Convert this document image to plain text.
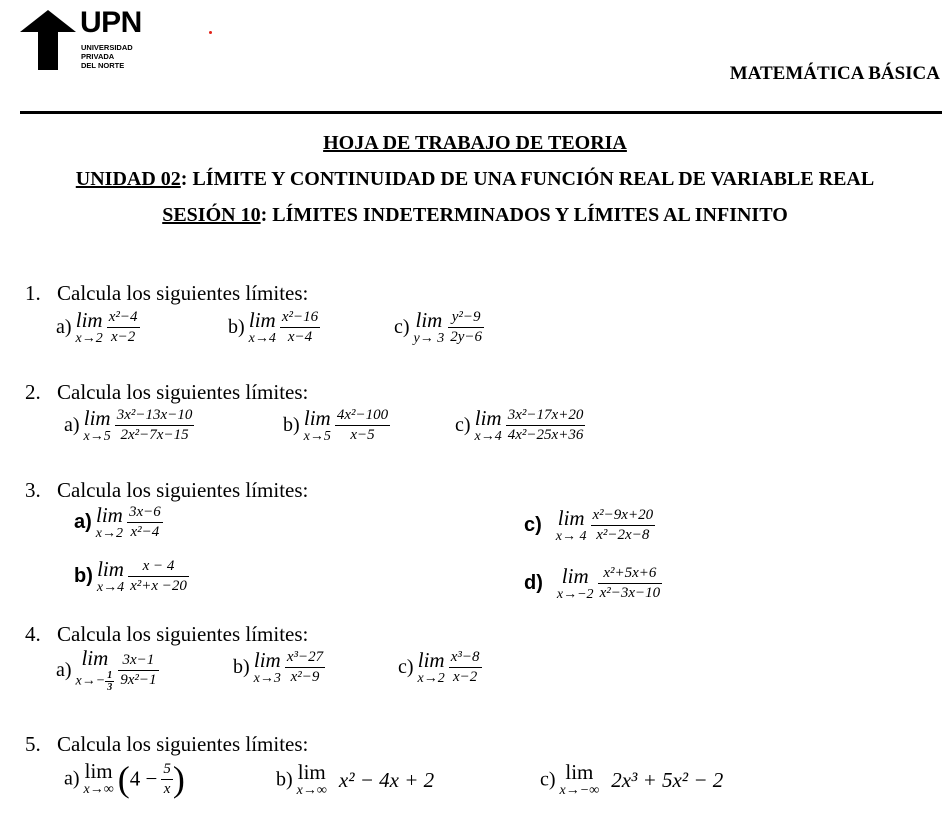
UPN
UNIVERSIDAD
PRIVADA
DEL NORTE	MATEMÁTICA BÁSICA
HOJA DE TRABAJO DE TEORIA
UNIDAD 02: LÍMITE Y CONTINUIDAD DE UNA FUNCIÓN REAL DE VARIABLE REAL
SESIÓN 10: LÍMITES INDETERMINADOS Y LÍMITES AL INFINITO
1. Calcula los siguientes límites:
a) lim
x→2
$\frac{\text{x²−4}}{x-2}$	b) lim
x→4
$\frac{\text{x²−16}}{x-4}$	c) lim
y→ 3
$\frac{\text{y²−9}}{2y-6}$
2. Calcula los siguientes límites:
a) lim
x→5
$\frac{\text{3x²−13x−10}}{\text{2x²−7x−15}}$	b) lim
x→5
$\frac{\text{4x²−100}}{x-5}$	c) lim
x→4
$\frac{\text{3x²−17x+20}}{\text{4x²−25x+36}}$
3. Calcula los siguientes límites:
a) lim
x→2
$\frac{3x-6}{\text{x²−4}}$
b) lim
x→4
$\frac{x - 4}{\text{x²+x −20}}$
c) lim
x→ 4
$\frac{\text{x²−9x+20}}{\text{x²−2x−8}}$
d) lim
x→−2
$\frac{\text{x²+5x+6}}{\text{x²−3x−10}}$
4. Calcula los siguientes límites:
a) lim
$x\to- \frac{1}{3}$
$\frac{3x-1}{\text{9x²−1}}$	b) lim
x→3
$\frac{\text{x³−27}}{\text{x²−9}}$	c) lim
x→2
$\frac{\text{x³−8}}{x-2}$
5. Calcula los siguientes límites:
a) lim
x→∞ ($4 - \frac{5}{x}$ )	b) lim
x→∞ x² − 4x + 2	c) lim
x→−∞ 2x³ + 5x² − 2
